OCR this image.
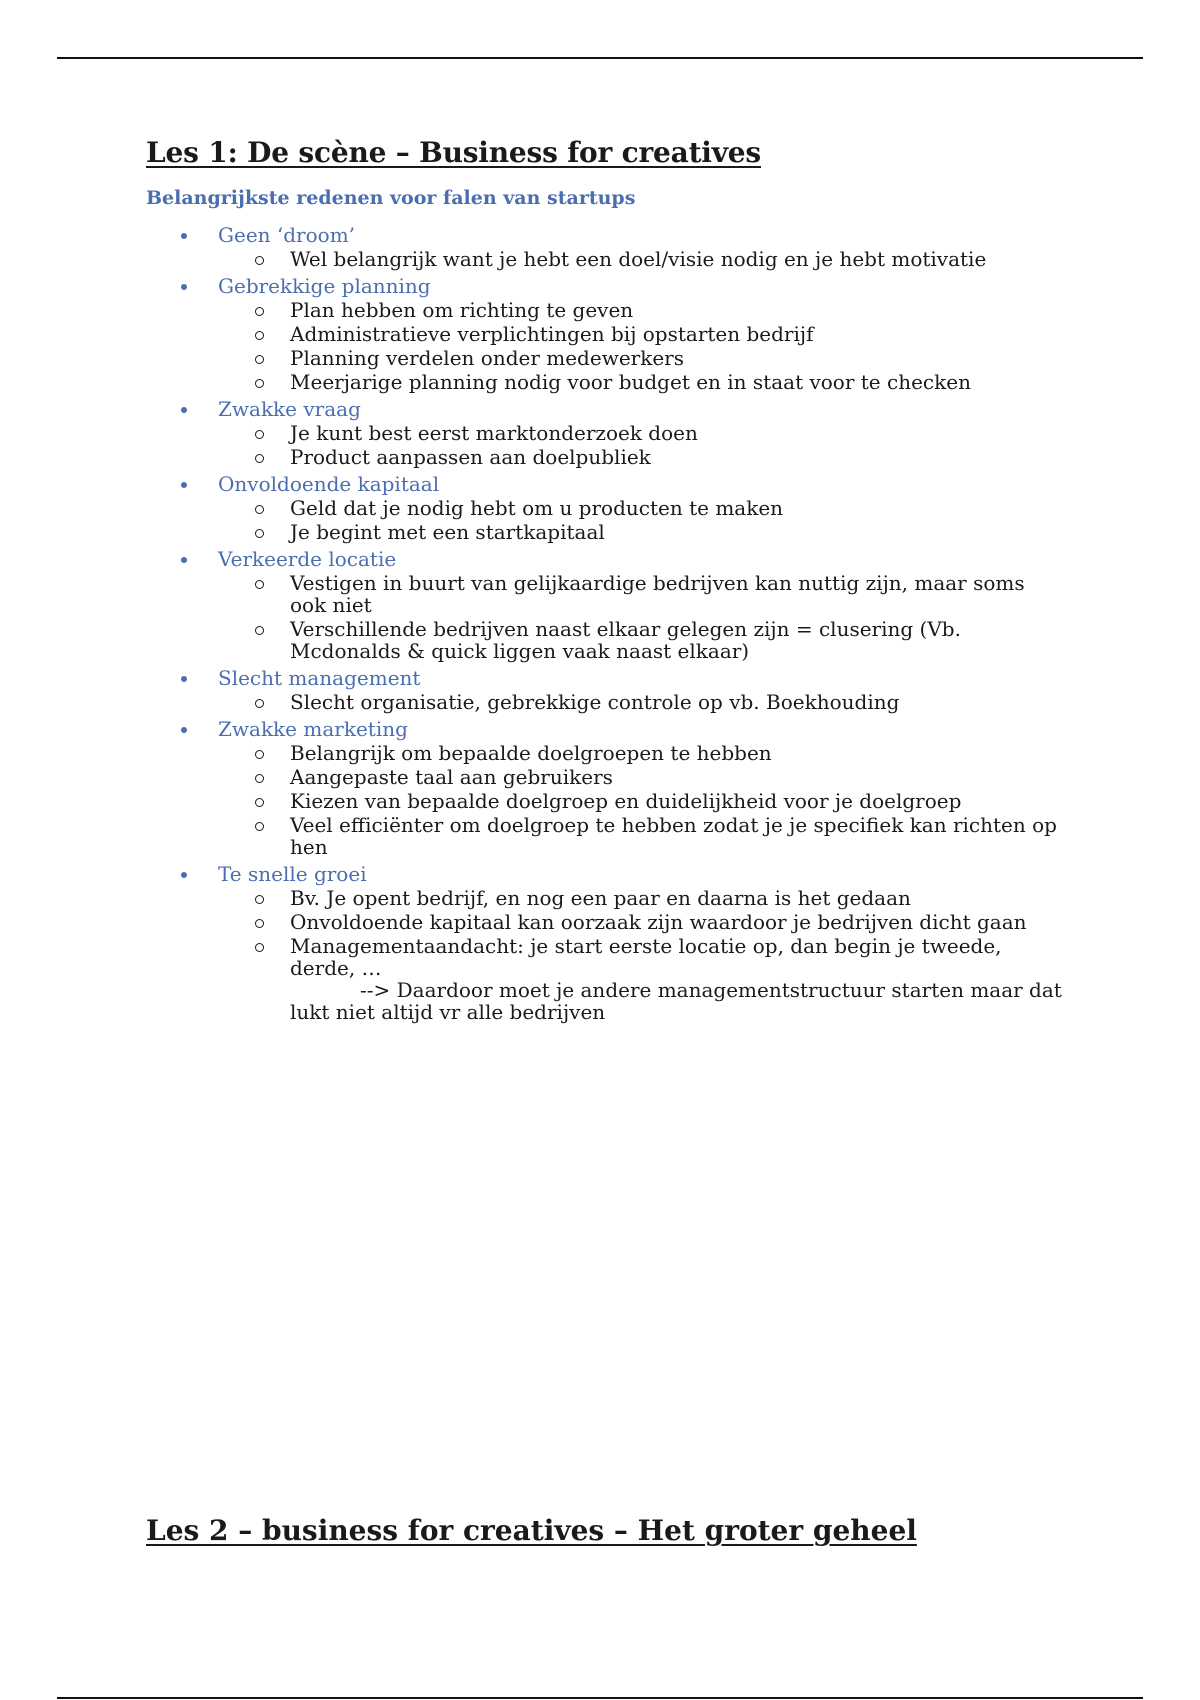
Les 1: De scène – Business for creatives
Belangrijkste redenen voor falen van startups
Geen ‘droom’
Wel belangrijk want je hebt een doel/visie nodig en je hebt motivatie
Gebrekkige planning
Plan hebben om richting te geven
Administratieve verplichtingen bij opstarten bedrijf
Planning verdelen onder medewerkers
Meerjarige planning nodig voor budget en in staat voor te checken
Zwakke vraag
Je kunt best eerst marktonderzoek doen
Product aanpassen aan doelpubliek
Onvoldoende kapitaal
Geld dat je nodig hebt om u producten te maken
Je begint met een startkapitaal
Verkeerde locatie
Vestigen in buurt van gelijkaardige bedrijven kan nuttig zijn, maar soms ook niet
Verschillende bedrijven naast elkaar gelegen zijn = clusering (Vb. Mcdonalds & quick liggen vaak naast elkaar)
Slecht management
Slecht organisatie, gebrekkige controle op vb. Boekhouding
Zwakke marketing
Belangrijk om bepaalde doelgroepen te hebben
Aangepaste taal aan gebruikers
Kiezen van bepaalde doelgroep en duidelijkheid voor je doelgroep
Veel efficiënter om doelgroep te hebben zodat je je specifiek kan richten op hen
Te snelle groei
Bv. Je opent bedrijf, en nog een paar en daarna is het gedaan
Onvoldoende kapitaal kan oorzaak zijn waardoor je bedrijven dicht gaan
Managementaandacht: je start eerste locatie op, dan begin je tweede, derde, …
--> Daardoor moet je andere managementstructuur starten maar dat
lukt niet altijd vr alle bedrijven
Les 2 – business for creatives – Het groter geheel
